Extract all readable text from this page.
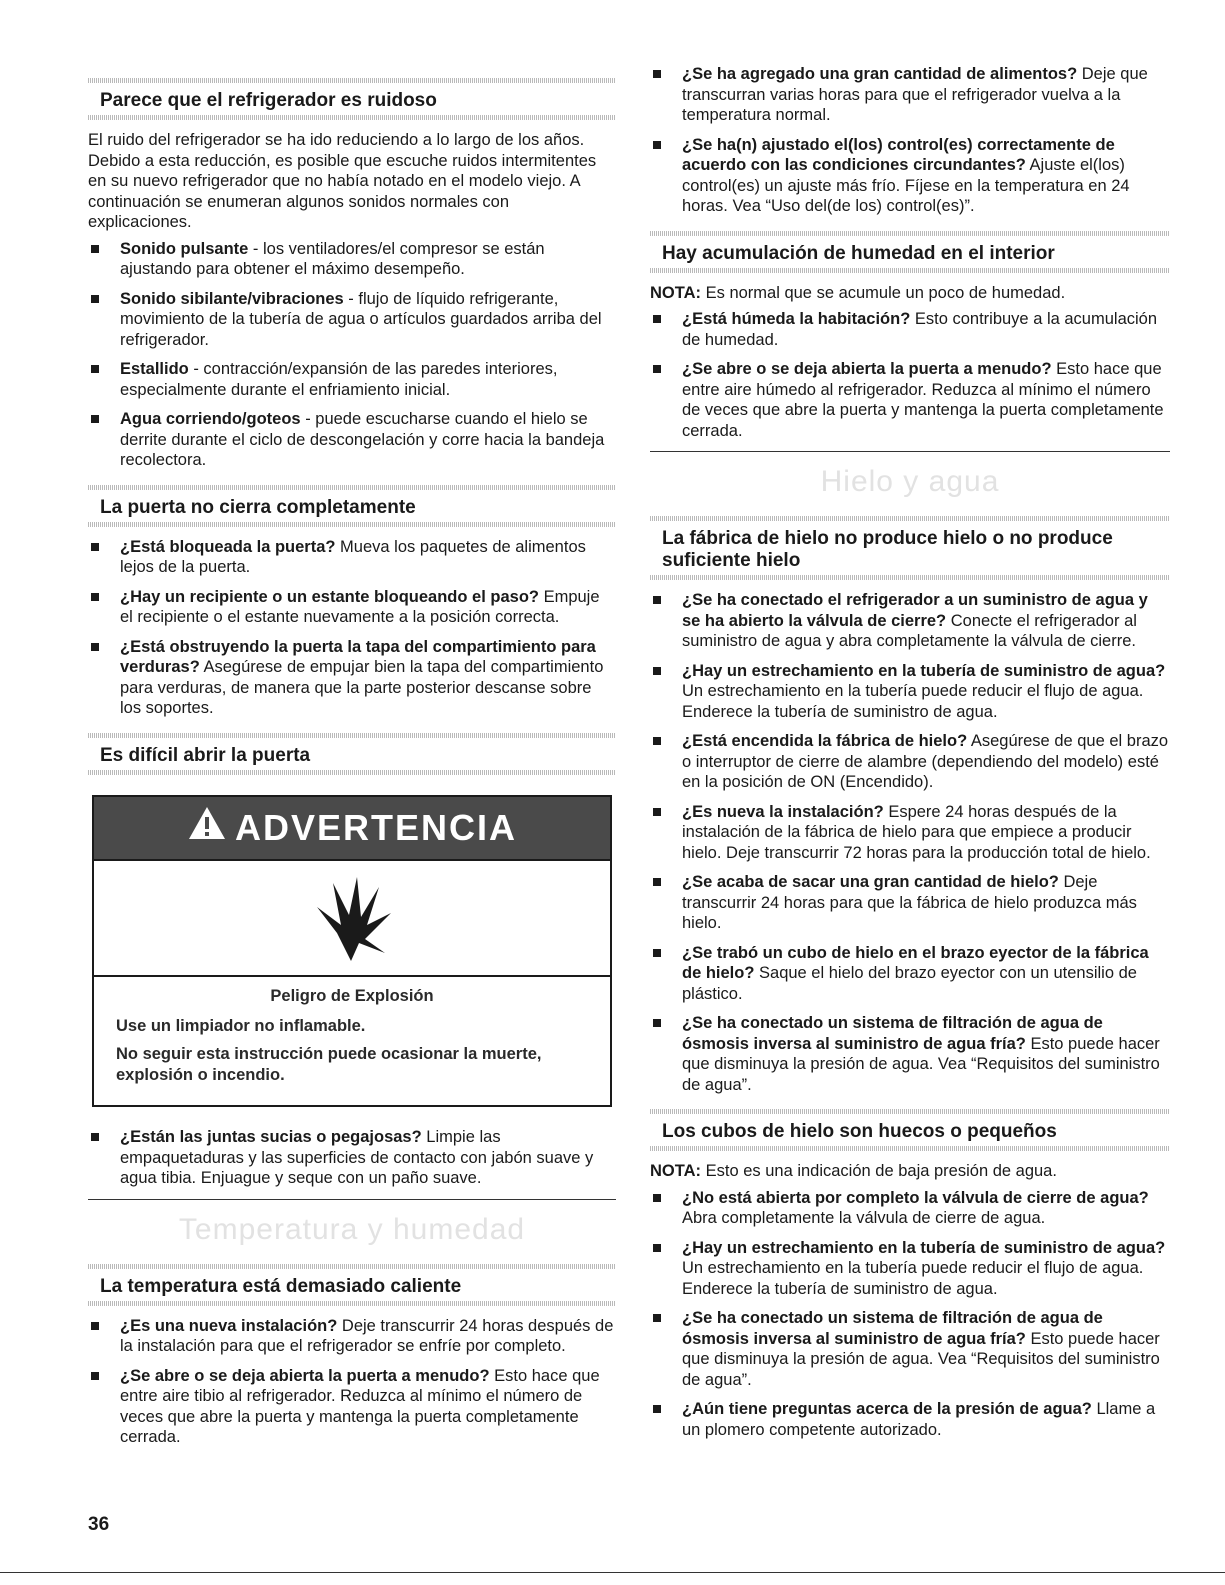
Parece que el refrigerador es ruidoso

El ruido del refrigerador se ha ido reduciendo a lo largo de los años. Debido a esta reducción, es posible que escuche ruidos intermitentes en su nuevo refrigerador que no había notado en el modelo viejo. A continuación se enumeran algunos sonidos normales con explicaciones.

Sonido pulsante - los ventiladores/el compresor se están ajustando para obtener el máximo desempeño.
Sonido sibilante/vibraciones - flujo de líquido refrigerante, movimiento de la tubería de agua o artículos guardados arriba del refrigerador.
Estallido - contracción/expansión de las paredes interiores, especialmente durante el enfriamiento inicial.
Agua corriendo/goteos - puede escucharse cuando el hielo se derrite durante el ciclo de descongelación y corre hacia la bandeja recolectora.
La puerta no cierra completamente
¿Está bloqueada la puerta? Mueva los paquetes de alimentos lejos de la puerta.
¿Hay un recipiente o un estante bloqueando el paso? Empuje el recipiente o el estante nuevamente a la posición correcta.
¿Está obstruyendo la puerta la tapa del compartimiento para verduras? Asegúrese de empujar bien la tapa del compartimiento para verduras, de manera que la parte posterior descanse sobre los soportes.
Es difícil abrir la puerta
ADVERTENCIA

Peligro de Explosión

Use un limpiador no inflamable.

No seguir esta instrucción puede ocasionar la muerte, explosión o incendio.

¿Están las juntas sucias o pegajosas? Limpie las empaquetaduras y las superficies de contacto con jabón suave y agua tibia. Enjuague y seque con un paño suave.

Temperatura y humedad

La temperatura está demasiado caliente
¿Es una nueva instalación? Deje transcurrir 24 horas después de la instalación para que el refrigerador se enfríe por completo.
¿Se abre o se deja abierta la puerta a menudo? Esto hace que entre aire tibio al refrigerador. Reduzca al mínimo el número de veces que abre la puerta y mantenga la puerta completamente cerrada.
¿Se ha agregado una gran cantidad de alimentos? Deje que transcurran varias horas para que el refrigerador vuelva a la temperatura normal.
¿Se ha(n) ajustado el(los) control(es) correctamente de acuerdo con las condiciones circundantes? Ajuste el(los) control(es) un ajuste más frío. Fíjese en la temperatura en 24 horas. Vea “Uso del(de los) control(es)”.
Hay acumulación de humedad en el interior

NOTA: Es normal que se acumule un poco de humedad.

¿Está húmeda la habitación? Esto contribuye a la acumulación de humedad.
¿Se abre o se deja abierta la puerta a menudo? Esto hace que entre aire húmedo al refrigerador. Reduzca al mínimo el número de veces que abre la puerta y mantenga la puerta completamente cerrada.

Hielo y agua

La fábrica de hielo no produce hielo o no produce suficiente hielo
¿Se ha conectado el refrigerador a un suministro de agua y se ha abierto la válvula de cierre? Conecte el refrigerador al suministro de agua y abra completamente la válvula de cierre.
¿Hay un estrechamiento en la tubería de suministro de agua? Un estrechamiento en la tubería puede reducir el flujo de agua. Enderece la tubería de suministro de agua.
¿Está encendida la fábrica de hielo? Asegúrese de que el brazo o interruptor de cierre de alambre (dependiendo del modelo) esté en la posición de ON (Encendido).
¿Es nueva la instalación? Espere 24 horas después de la instalación de la fábrica de hielo para que empiece a producir hielo. Deje transcurrir 72 horas para la producción total de hielo.
¿Se acaba de sacar una gran cantidad de hielo? Deje transcurrir 24 horas para que la fábrica de hielo produzca más hielo.
¿Se trabó un cubo de hielo en el brazo eyector de la fábrica de hielo? Saque el hielo del brazo eyector con un utensilio de plástico.
¿Se ha conectado un sistema de filtración de agua de ósmosis inversa al suministro de agua fría? Esto puede hacer que disminuya la presión de agua. Vea “Requisitos del suministro de agua”.
Los cubos de hielo son huecos o pequeños

NOTA: Esto es una indicación de baja presión de agua.

¿No está abierta por completo la válvula de cierre de agua? Abra completamente la válvula de cierre de agua.
¿Hay un estrechamiento en la tubería de suministro de agua? Un estrechamiento en la tubería puede reducir el flujo de agua. Enderece la tubería de suministro de agua.
¿Se ha conectado un sistema de filtración de agua de ósmosis inversa al suministro de agua fría? Esto puede hacer que disminuya la presión de agua. Vea “Requisitos del suministro de agua”.
¿Aún tiene preguntas acerca de la presión de agua? Llame a un plomero competente autorizado.
36
